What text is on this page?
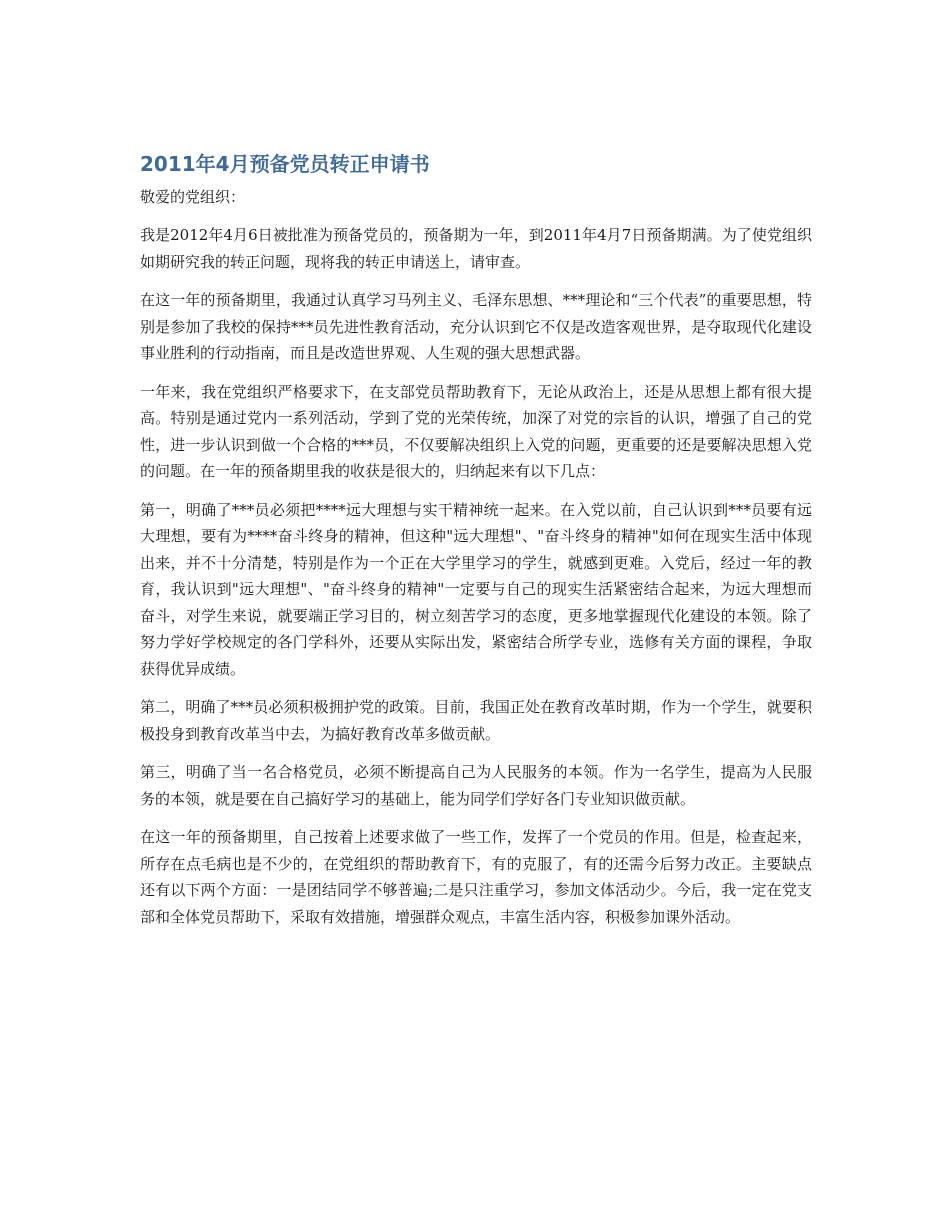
2011年4月预备党员转正申请书

敬爱的党组织：

我是2012年4月6日被批准为预备党员的，预备期为一年，到2011年4月7日预备期满。为了使党组织如期研究我的转正问题，现将我的转正申请送上，请审查。

在这一年的预备期里，我通过认真学习马列主义、毛泽东思想、***理论和“三个代表”的重要思想，特别是参加了我校的保持***员先进性教育活动，充分认识到它不仅是改造客观世界，是夺取现代化建设事业胜利的行动指南，而且是改造世界观、人生观的强大思想武器。

一年来，我在党组织严格要求下，在支部党员帮助教育下，无论从政治上，还是从思想上都有很大提高。特别是通过党内一系列活动，学到了党的光荣传统，加深了对党的宗旨的认识，增强了自己的党性，进一步认识到做一个合格的***员，不仅要解决组织上入党的问题，更重要的还是要解决思想入党的问题。在一年的预备期里我的收获是很大的，归纳起来有以下几点：

第一，明确了***员必须把****远大理想与实干精神统一起来。在入党以前，自己认识到***员要有远大理想，要有为****奋斗终身的精神，但这种"远大理想"、"奋斗终身的精神"如何在现实生活中体现出来，并不十分清楚，特别是作为一个正在大学里学习的学生，就感到更难。入党后，经过一年的教育，我认识到"远大理想"、"奋斗终身的精神"一定要与自己的现实生活紧密结合起来，为远大理想而奋斗，对学生来说，就要端正学习目的，树立刻苦学习的态度，更多地掌握现代化建设的本领。除了努力学好学校规定的各门学科外，还要从实际出发，紧密结合所学专业，选修有关方面的课程，争取获得优异成绩。

第二，明确了***员必须积极拥护党的政策。目前，我国正处在教育改革时期，作为一个学生，就要积极投身到教育改革当中去，为搞好教育改革多做贡献。

第三，明确了当一名合格党员，必须不断提高自己为人民服务的本领。作为一名学生，提高为人民服务的本领，就是要在自己搞好学习的基础上，能为同学们学好各门专业知识做贡献。

在这一年的预备期里，自己按着上述要求做了一些工作，发挥了一个党员的作用。但是，检查起来，所存在点毛病也是不少的，在党组织的帮助教育下，有的克服了，有的还需今后努力改正。主要缺点还有以下两个方面：一是团结同学不够普遍;二是只注重学习，参加文体活动少。今后，我一定在党支部和全体党员帮助下，采取有效措施，增强群众观点，丰富生活内容，积极参加课外活动。
